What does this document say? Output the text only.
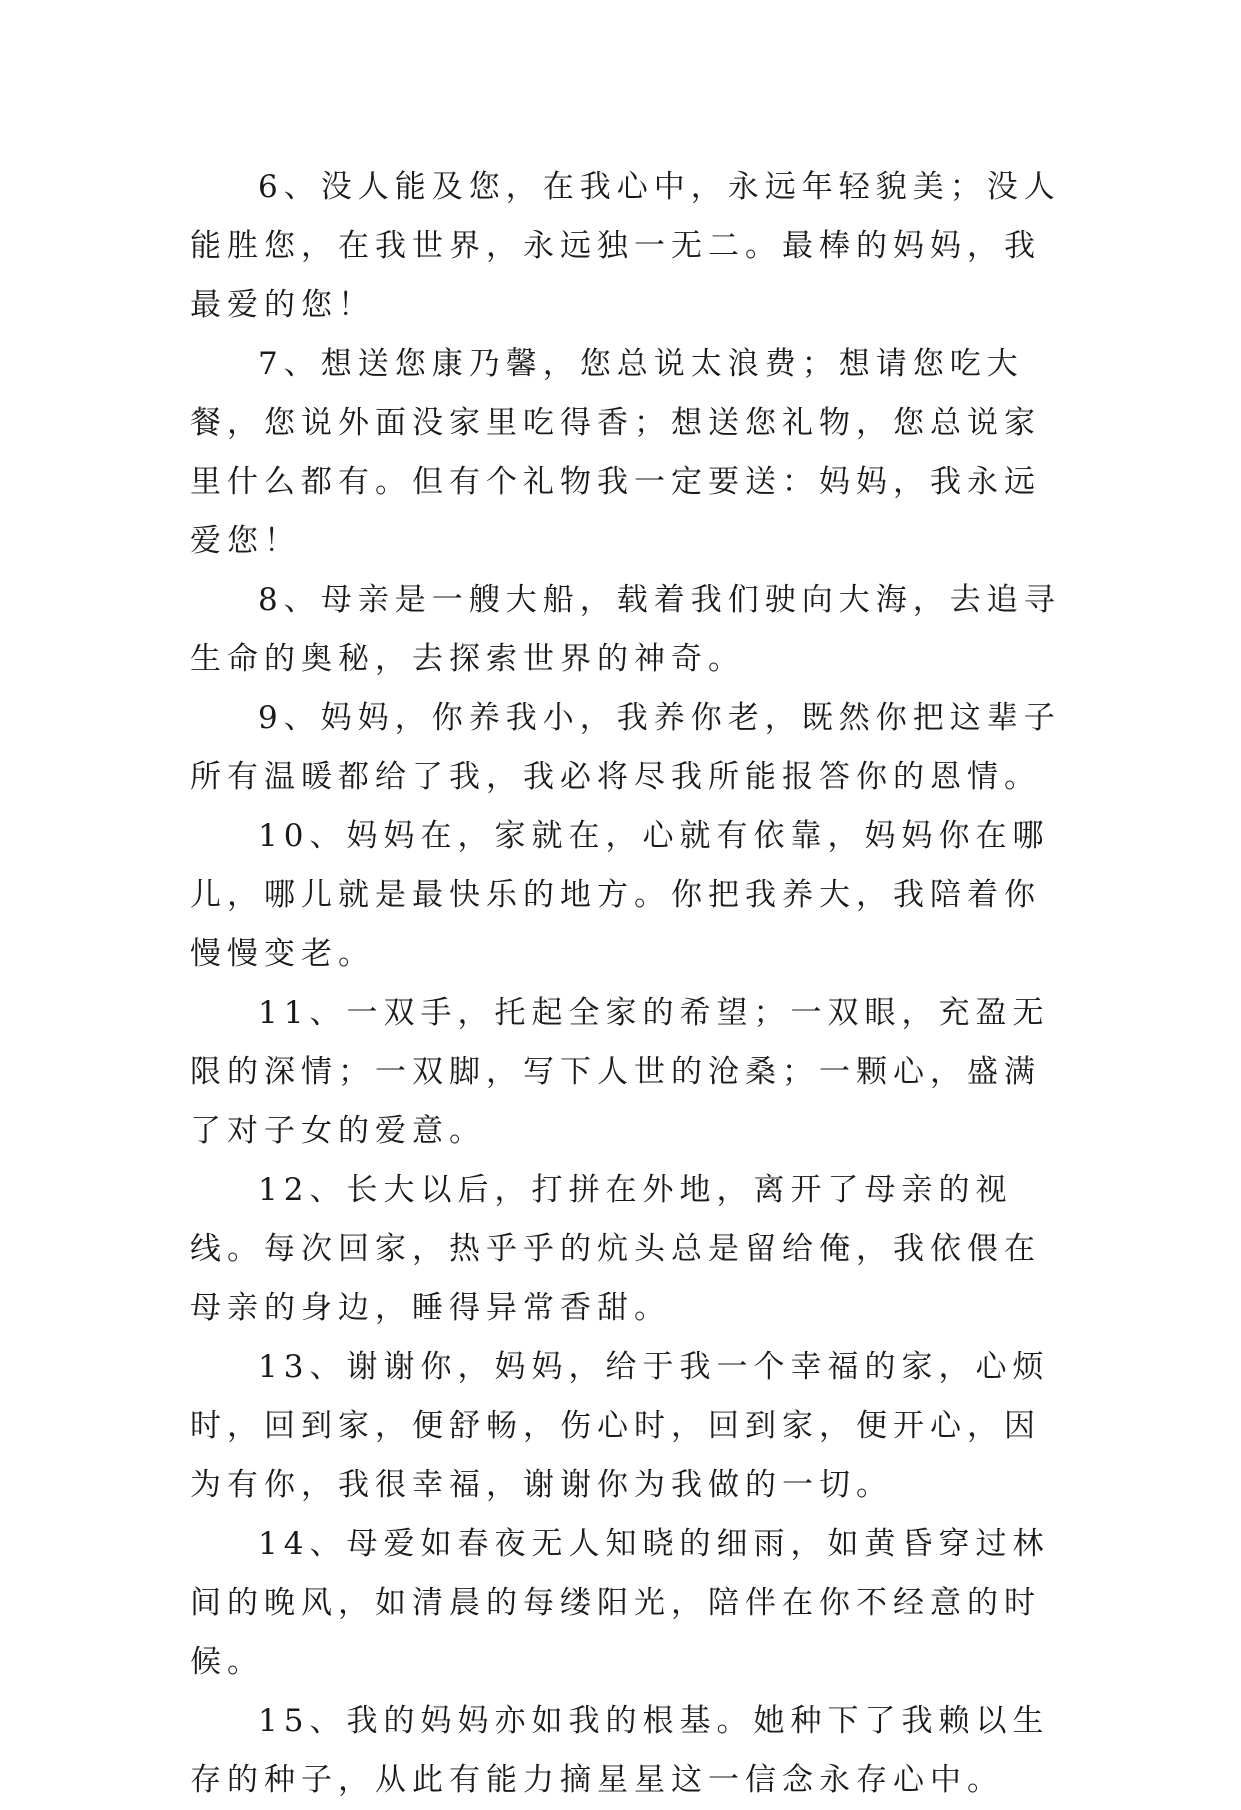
6、没人能及您，在我心中，永远年轻貌美；没人能胜您，在我世界，永远独一无二。最棒的妈妈，我最爱的您！

7、想送您康乃馨，您总说太浪费；想请您吃大餐，您说外面没家里吃得香；想送您礼物，您总说家里什么都有。但有个礼物我一定要送：妈妈，我永远爱您！

8、母亲是一艘大船，载着我们驶向大海，去追寻生命的奥秘，去探索世界的神奇。

9、妈妈，你养我小，我养你老，既然你把这辈子所有温暖都给了我，我必将尽我所能报答你的恩情。

10、妈妈在，家就在，心就有依靠，妈妈你在哪儿，哪儿就是最快乐的地方。你把我养大，我陪着你慢慢变老。

11、一双手，托起全家的希望；一双眼，充盈无限的深情；一双脚，写下人世的沧桑；一颗心，盛满了对子女的爱意。

12、长大以后，打拼在外地，离开了母亲的视线。每次回家，热乎乎的炕头总是留给俺，我依偎在母亲的身边，睡得异常香甜。

13、谢谢你，妈妈，给于我一个幸福的家，心烦时，回到家，便舒畅，伤心时，回到家，便开心，因为有你，我很幸福，谢谢你为我做的一切。

14、母爱如春夜无人知晓的细雨，如黄昏穿过林间的晚风，如清晨的每缕阳光，陪伴在你不经意的时候。

15、我的妈妈亦如我的根基。她种下了我赖以生存的种子，从此有能力摘星星这一信念永存心中。
